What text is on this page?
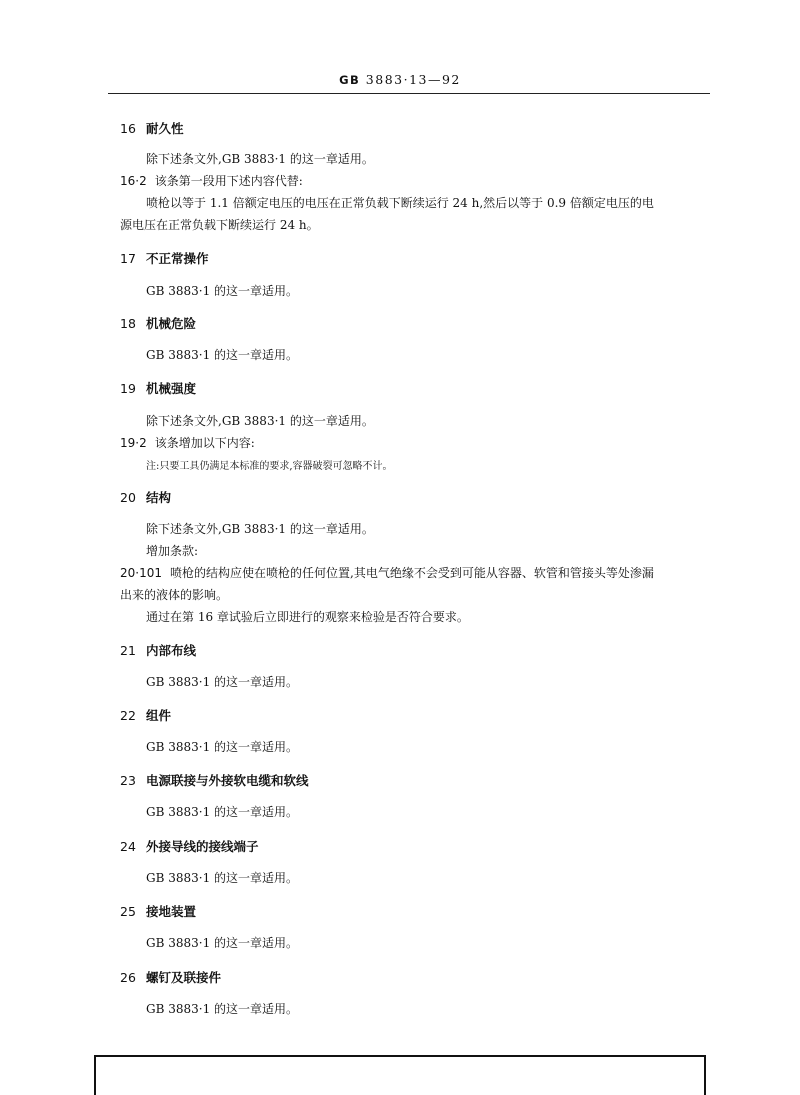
GB 3883·13—92
16 耐久性
除下述条文外,GB 3883·1 的这一章适用。
16·2 该条第一段用下述内容代替:
喷枪以等于 1.1 倍额定电压的电压在正常负载下断续运行 24 h,然后以等于 0.9 倍额定电压的电
源电压在正常负载下断续运行 24 h。
17 不正常操作
GB 3883·1 的这一章适用。
18 机械危险
GB 3883·1 的这一章适用。
19 机械强度
除下述条文外,GB 3883·1 的这一章适用。
19·2 该条增加以下内容:
注:只要工具仍满足本标准的要求,容器破裂可忽略不计。
20 结构
除下述条文外,GB 3883·1 的这一章适用。
增加条款:
20·101 喷枪的结构应使在喷枪的任何位置,其电气绝缘不会受到可能从容器、软管和管接头等处渗漏
出来的液体的影响。
通过在第 16 章试验后立即进行的观察来检验是否符合要求。
21 内部布线
GB 3883·1 的这一章适用。
22 组件
GB 3883·1 的这一章适用。
23 电源联接与外接软电缆和软线
GB 3883·1 的这一章适用。
24 外接导线的接线端子
GB 3883·1 的这一章适用。
25 接地装置
GB 3883·1 的这一章适用。
26 螺钉及联接件
GB 3883·1 的这一章适用。
